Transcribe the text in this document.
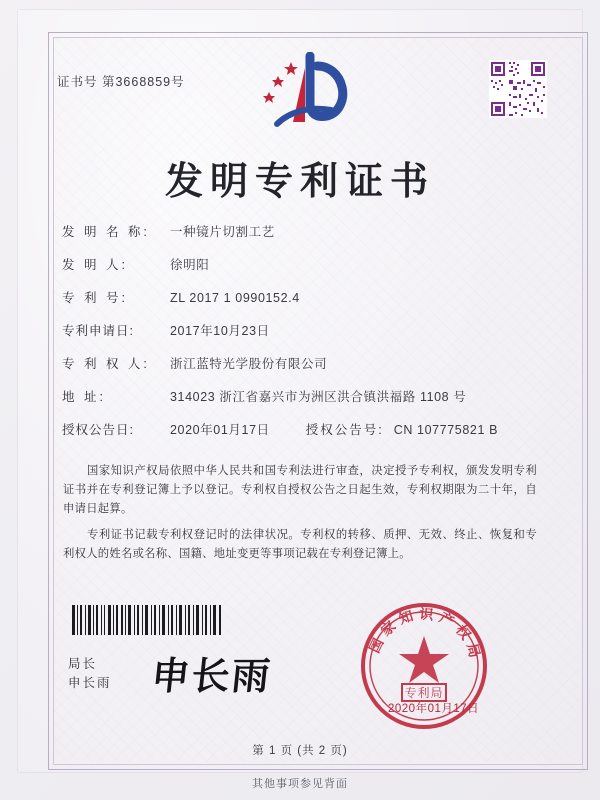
证书号 第3668859号
发明专利证书
发 明 名 称:	一种镜片切割工艺
发 明 人:	徐明阳
专 利 号:	ZL 2017 1 0990152.4
专利申请日:	2017年10月23日
专 利 权 人:	浙江蓝特光学股份有限公司
地 址:	314023 浙江省嘉兴市为洲区洪合镇洪福路 1108 号
授权公告日:	2020年01月17日	授权公告号: CN 107775821 B

国家知识产权局依照中华人民共和国专利法进行审查，决定授予专利权，颁发发明专利证书并在专利登记簿上予以登记。专利权自授权公告之日起生效，专利权期限为二十年，自申请日起算。

专利证书记载专利权登记时的法律状况。专利权的转移、质押、无效、终止、恢复和专利权人的姓名或名称、国籍、地址变更等事项记载在专利登记簿上。

局长
申长雨 申长雨	专利局
国家知识产权局
2020年01月17日
第 1 页 (共 2 页)
其他事项参见背面
